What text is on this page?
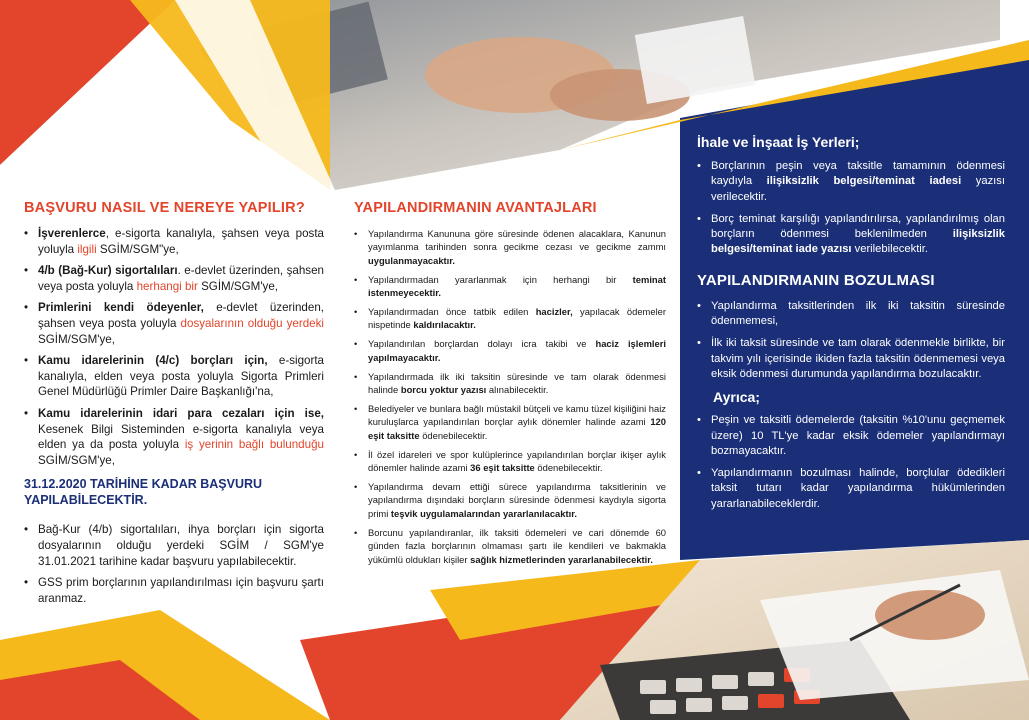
BAŞVURU NASIL VE NEREYE YAPILIR?
• İşverenlerce, e-sigorta kanalıyla, şahsen veya posta yoluyla ilgili SGİM/SGM"ye,
• 4/b (Bağ-Kur) sigortalıları. e-devlet üzerinden, şahsen veya posta yoluyla herhangi bir SGİM/SGM'ye,
• Primlerini kendi ödeyenler, e-devlet üzerinden, şahsen veya posta yoluyla dosyalarının olduğu yerdeki SGİM/SGM'ye,
• Kamu idarelerinin (4/c) borçları için, e-sigorta kanalıyla, elden veya posta yoluyla Sigorta Primleri Genel Müdürlüğü Primler Daire Başkanlığı'na,
• Kamu idarelerinin idari para cezaları için ise, Kesenek Bilgi Sisteminden e-sigorta kanalıyla veya elden ya da posta yoluyla iş yerinin bağlı bulunduğu SGİM/SGM'ye,
31.12.2020 TARİHİNE KADAR BAŞVURU YAPILABİLECEKTİR.
• Bağ-Kur (4/b) sigortalıları, ihya borçları için sigorta dosyalarının olduğu yerdeki SGİM / SGM'ye 31.01.2021 tarihine kadar başvuru yapılabilecektir.
• GSS prim borçlarının yapılandırılması için başvuru şartı aranmaz.
YAPILANDIRMANIN AVANTAJLARI
• Yapılandırma Kanununa göre süresinde ödenen alacaklara, Kanunun yayımlanma tarihinden sonra gecikme cezası ve gecikme zammı uygulanmayacaktır.
• Yapılandırmadan yararlanmak için herhangi bir teminat istenmeyecektir.
• Yapılandırmadan önce tatbik edilen hacizler, yapılacak ödemeler nispetinde kaldırılacaktır.
• Yapılandırılan borçlardan dolayı icra takibi ve haciz işlemleri yapılmayacaktır.
• Yapılandırmada ilk iki taksitin süresinde ve tam olarak ödenmesi halinde borcu yoktur yazısı alınabilecektir.
• Belediyeler ve bunlara bağlı müstakil bütçeli ve kamu tüzel kişiliğini haiz kuruluşlarca yapılandırılan borçlar aylık dönemler halinde azami 120 eşit taksitte ödenebilecektir.
• İl özel idareleri ve spor kulüplerince yapılandırılan borçlar ikişer aylık dönemler halinde azami 36 eşit taksitte ödenebilecektir.
• Yapılandırma devam ettiği sürece yapılandırma taksitlerinin ve yapılandırma dışındaki borçların süresinde ödenmesi kaydıyla sigorta primi teşvik uygulamalarından yararlanılacaktır.
• Borcunu yapılandıranlar, ilk taksiti ödemeleri ve cari dönemde 60 günden fazla borçlarının olmaması şartı ile kendileri ve bakmakla yükümlü oldukları kişiler sağlık hizmetlerinden yararlanabilecektir.
İhale ve İnşaat İş Yerleri;
• Borçlarının peşin veya taksitle tamamının ödenmesi kaydıyla ilişiksizlik belgesi/teminat iadesi yazısı verilecektir.
• Borç teminat karşılığı yapılandırılırsa, yapılandırılmış olan borçların ödenmesi beklenilmeden ilişiksizlik belgesi/teminat iade yazısı verilebilecektir.
YAPILANDIRMANIN BOZULMASI
• Yapılandırma taksitlerinden ilk iki taksitin süresinde ödenmemesi,
• İlk iki taksit süresinde ve tam olarak ödenmekle birlikte, bir takvim yılı içerisinde ikiden fazla taksitin ödenmemesi veya eksik ödenmesi durumunda yapılandırma bozulacaktır.
Ayrıca;
• Peşin ve taksitli ödemelerde (taksitin %10'unu geçmemek üzere) 10 TL'ye kadar eksik ödemeler yapılandırmayı bozmayacaktır.
• Yapılandırmanın bozulması halinde, borçlular ödedikleri taksit tutarı kadar yapılandırma hükümlerinden yararlanabileceklerdir.
